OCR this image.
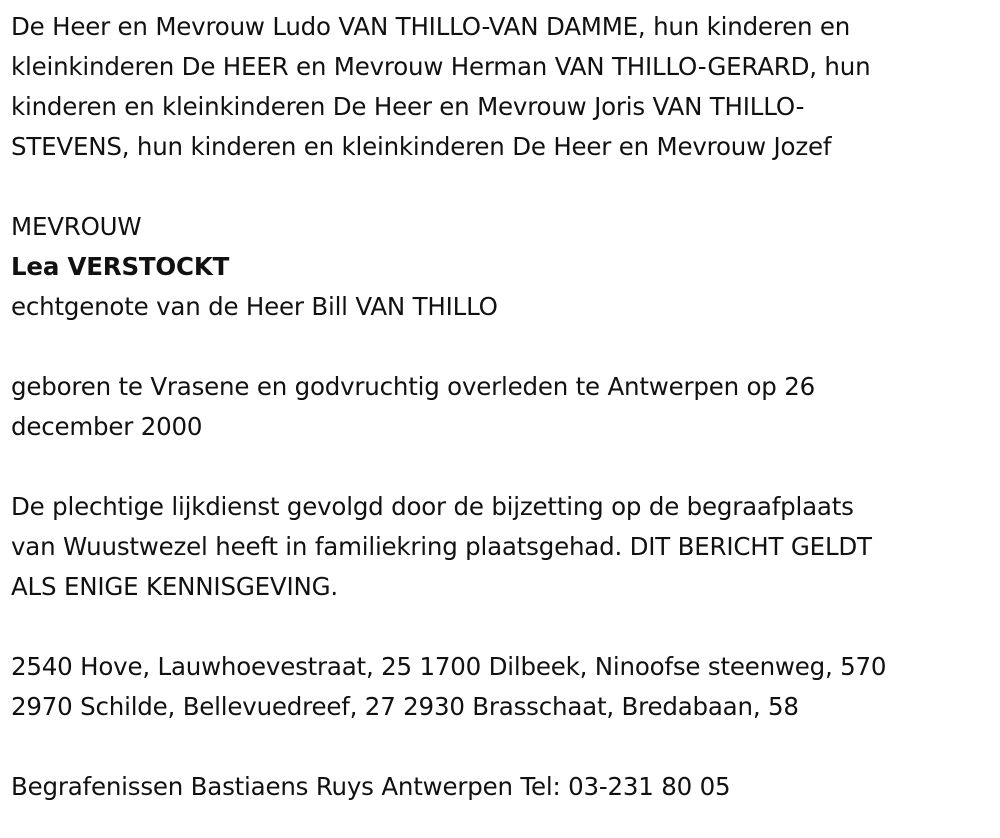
De Heer en Mevrouw Ludo VAN THILLO-VAN DAMME, hun kinderen en
kleinkinderen De HEER en Mevrouw Herman VAN THILLO-GERARD, hun
kinderen en kleinkinderen De Heer en Mevrouw Joris VAN THILLO-
STEVENS, hun kinderen en kleinkinderen De Heer en Mevrouw Jozef
MEVROUW
Lea VERSTOCKT
echtgenote van de Heer Bill VAN THILLO
geboren te Vrasene en godvruchtig overleden te Antwerpen op 26
december 2000
De plechtige lijkdienst gevolgd door de bijzetting op de begraafplaats
van Wuustwezel heeft in familiekring plaatsgehad. DIT BERICHT GELDT
ALS ENIGE KENNISGEVING.
2540 Hove, Lauwhoevestraat, 25 1700 Dilbeek, Ninoofse steenweg, 570
2970 Schilde, Bellevuedreef, 27 2930 Brasschaat, Bredabaan, 58
Begrafenissen Bastiaens Ruys Antwerpen Tel: 03-231 80 05
